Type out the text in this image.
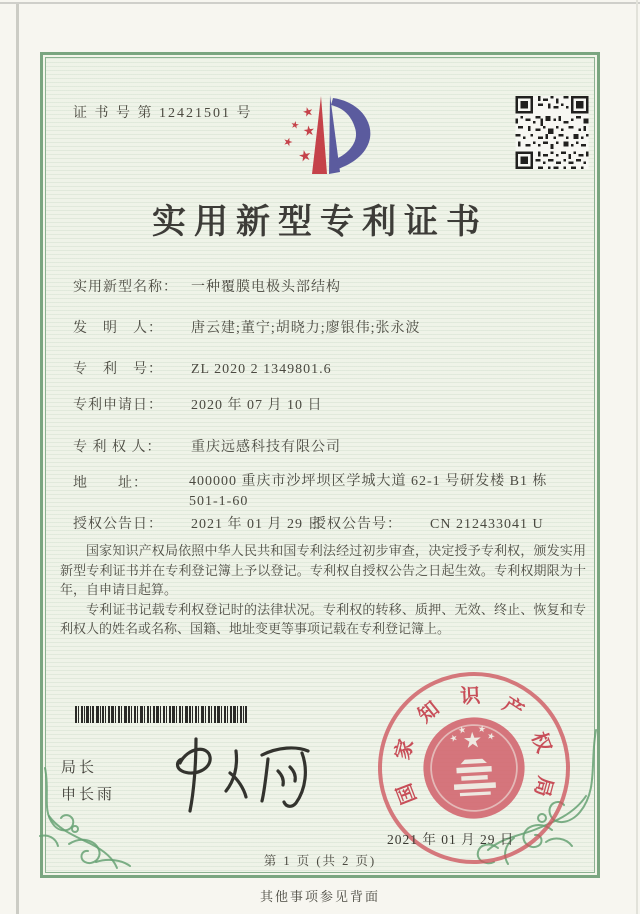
证 书 号 第 12421501 号
实用新型专利证书
实用新型名称： 一种覆膜电极头部结构
发　明　人： 唐云建;董宁;胡晓力;廖银伟;张永波
专　利　号： ZL 2020 2 1349801.6
专利申请日： 2020 年 07 月 10 日
专 利 权 人： 重庆远感科技有限公司
地　　址：	400000 重庆市沙坪坝区学城大道 62-1 号研发楼 B1 栋 501-1-60
授权公告日： 2021 年 01 月 29 日
授权公告号： CN 212433041 U

国家知识产权局依照中华人民共和国专利法经过初步审查，决定授予专利权，颁发实用新型专利证书并在专利登记簿上予以登记。专利权自授权公告之日起生效。专利权期限为十年，自申请日起算。

专利证书记载专利权登记时的法律状况。专利权的转移、质押、无效、终止、恢复和专利权人的姓名或名称、国籍、地址变更等事项记载在专利登记簿上。

局长
申长雨	国
家
知
识 产
权
局
2021 年 01 月 29 日
第 1 页 (共 2 页)
其他事项参见背面
